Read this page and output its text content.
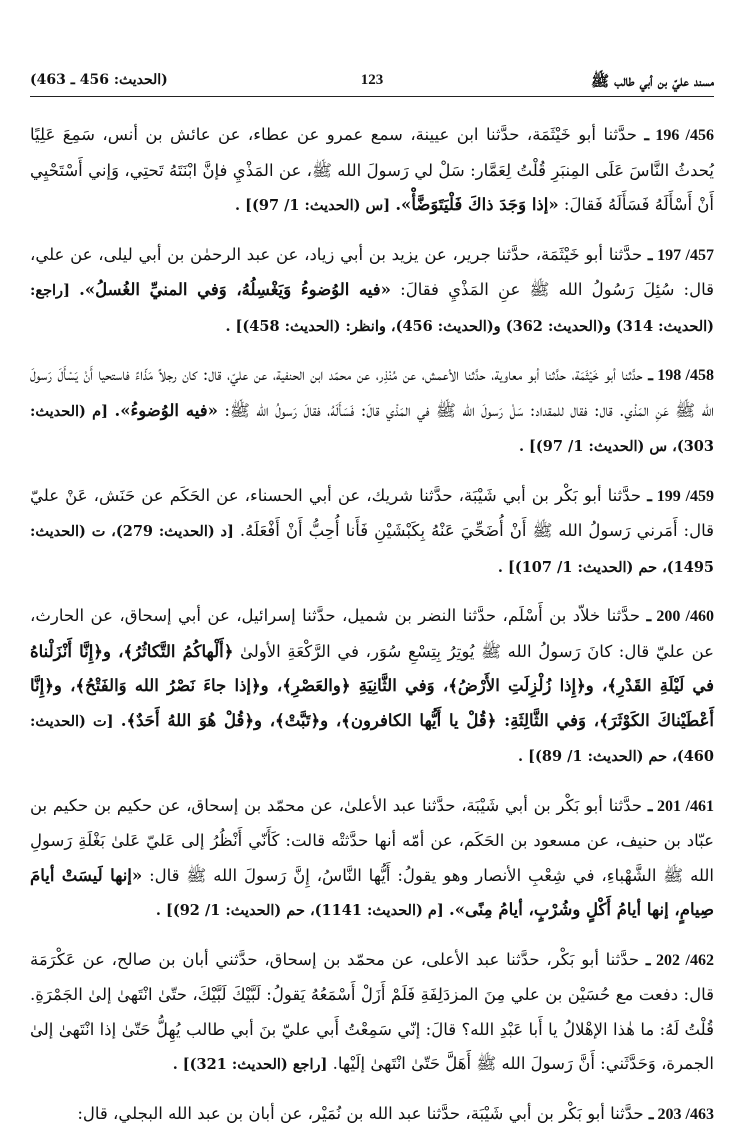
مسند عليّ بن أبي طالب ﷺ
123
(الحديث: 456 ـ 463)

456/ 196 ـ حدَّثنا أبو خَيْثَمَة، حدَّثنا ابن عيينة، سمع عمرو عن عطاء، عن عائش بن أنس، سَمِعَ عَلِيًا يُحدثُ النَّاسَ عَلَى المِنبَرِ قُلْتُ لِعَمَّار: سَلْ لي رَسولَ الله ﷺ، عن المَذْيِ فإنَّ ابْنَتَهُ تَحتِي، وَإني أَسْتَحْيِي أَنْ أَسْأَلَهُ فَسَأَلَهُ فَقالَ: «إذا وَجَدَ ذاكَ فَلْيَتَوَضَّأْ». [س (الحديث: 1/ 97)] .

457/ 197 ـ حدَّثنا أبو خَيْثَمَة، حدَّثنا جرير، عن يزيد بن أبي زياد، عن عبد الرحمٰن بن أبي ليلى، عن علي، قال: سُئِلَ رَسُولُ الله ﷺ عنِ المَذْيِ فقالَ: «فيه الوُضوءُ وَيَغْسِلُهُ، وَفي المنيِّ الغُسلُ». [راجع: (الحديث: 314) و(الحديث: 362) و(الحديث: 456)، وانظر: (الحديث: 458)] .

458/ 198 ـ حدَّثنا أبو خَيْثَمَة، حدَّثنا أبو معاوية، حدَّثنا الأعمش، عن مُنْذِر، عن محمّد ابن الحنفية، عن عليّ، قال: كان رجلاً مَذّاءً فاستحيا أَنْ يَسْأَلَ رَسولَ الله ﷺ عَنِ المَذْي. قال: فقال للمقداد: سَلْ رَسولَ الله ﷺ في المَذْي قالَ: فَسَأَلَهُ، فقالَ رَسولُ الله ﷺ: «فيه الوُضوءُ». [م (الحديث: 303)، س (الحديث: 1/ 97)] .

459/ 199 ـ حدَّثنا أبو بَكْر بن أبي شَيْبَة، حدَّثنا شريك، عن أبي الحسناء، عن الحَكَم عن حَنَش، عَنْ عليّ قال: أَمَرني رَسولُ الله ﷺ أَنْ أُضَحِّيَ عَنْهُ بِكَبْشَيْنِ فَأَنا أُحِبُّ أَنْ أَفْعَلَهُ. [د (الحديث: 279)، ت (الحديث: 1495)، حم (الحديث: 1/ 107)] .

460/ 200 ـ حدَّثنا خلاّد بن أَسْلَم، حدَّثنا النضر بن شميل، حدَّثنا إسرائيل، عن أبي إسحاق، عن الحارث، عن عليّ قال: كانَ رَسولُ الله ﷺ يُوتِرُ بِتِسْعِ سُوَر، في الرَّكْعَةِ الأولىٰ ﴿أَلْهاكُمُ التَّكاثُرُ﴾، و﴿إِنَّا أَنْزَلْناهُ في لَيْلَةِ القَدْرِ﴾، و﴿إِذا زُلْزِلَتِ الأَرْضُ﴾، وَفي الثَّانِيَةِ ﴿والعَصْرِ﴾، و﴿إذا جاءَ نَصْرُ الله وَالفَتْحُ﴾، و﴿إِنَّا أَعْطَيْناكَ الكَوْثَرَ﴾، وَفي الثَّالِثَةِ: ﴿قُلْ يا أَيُّها الكافرون﴾، و﴿تَبَّتْ﴾، و﴿قُلْ هُوَ اللهُ أَحَدٌ﴾. [ت (الحديث: 460)، حم (الحديث: 1/ 89)] .

461/ 201 ـ حدَّثنا أبو بَكْر بن أبي شَيْبَة، حدَّثنا عبد الأعلىٰ، عن محمّد بن إسحاق، عن حكيم بن حكيم بن عبّاد بن حنيف، عن مسعود بن الحَكَم، عن أمّه أنها حدَّثتْه قالت: كَأَنّي أَنْظُرُ إلى عَليّ عَلىٰ بَغْلَةِ رَسولِ الله ﷺ الشَّهْباءِ، في شِعْبِ الأنصار وهو يقولُ: أَيُّها النَّاسُ، إِنَّ رَسولَ الله ﷺ قال: «إنها لَيسَتْ أيامَ صِيامٍ، إنها أيامُ أَكْلٍ وشُرْبٍ، أيامُ مِنًى». [م (الحديث: 1141)، حم (الحديث: 1/ 92)] .

462/ 202 ـ حدَّثنا أبو بَكْر، حدَّثنا عبد الأعلى، عن محمّد بن إسحاق، حدَّثني أبان بن صالح، عن عَكْرَمَة قال: دفعت مع حُسَيْن بن علي مِنَ المزدَلِفَةِ فَلَمْ أَزَلْ أَسْمَعُهُ يَقولُ: لَبَّيْكَ لَبَّيْكَ، حتّىٰ انْتَهىٰ إلىٰ الجَمْرَةِ. قُلْتُ لَهُ: ما هٰذا الإهْلالُ يا أَبا عَبْدِ الله؟ قالَ: إنّي سَمِعْتُ أَبي عليّ بنَ أبي طالب يُهِلُّ حَتّىٰ إذا انْتَهىٰ إلىٰ الجمرة، وَحَدَّثَني: أَنَّ رَسولَ الله ﷺ أَهَلَّ حَتّىٰ انْتَهىٰ إلَيْها. [راجع (الحديث: 321)] .

463/ 203 ـ حدَّثنا أبو بَكْر بن أبي شَيْبَة، حدَّثنا عبد الله بن نُمَيْر، عن أبان بن عبد الله البجلي، قال:
